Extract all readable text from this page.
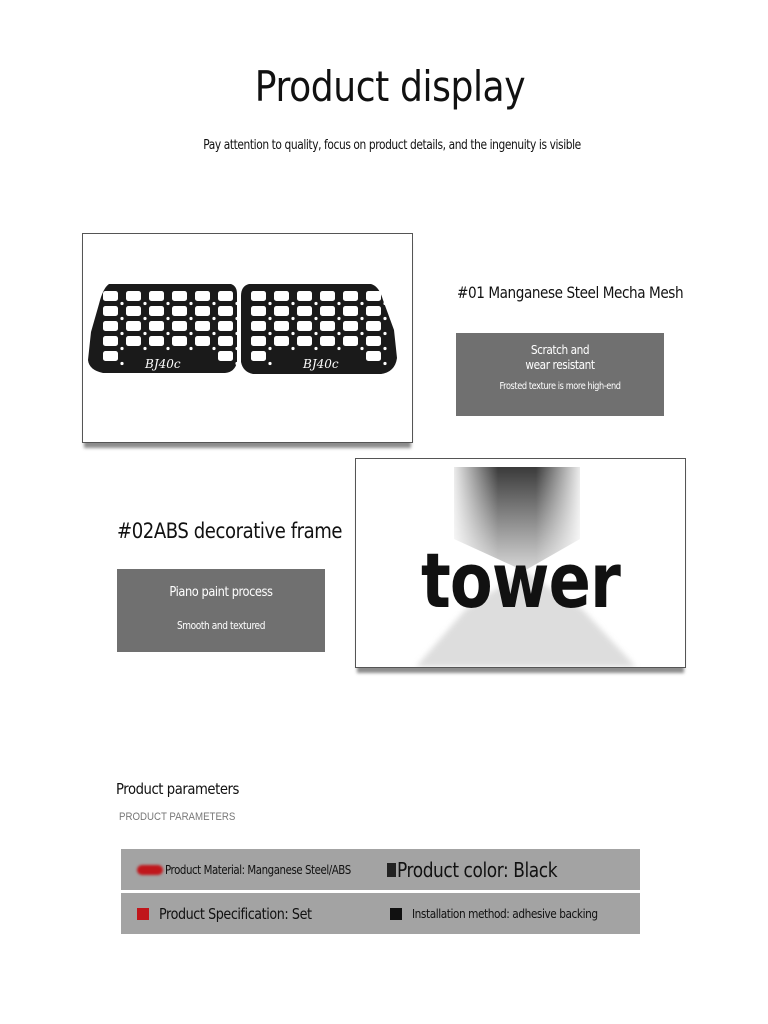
Product display
Pay attention to quality, focus on product details, and the ingenuity is visible
BJ40c	BJ40c
#01 Manganese Steel Mecha Mesh
Scratch and wear resistant
Frosted texture is more high-end
#02ABS decorative frame
Piano paint process
Smooth and textured
tower
Product parameters
PRODUCT PARAMETERS
Product Material: Manganese Steel/ABS Product color: Black
Product Specification: Set	Installation method: adhesive backing
